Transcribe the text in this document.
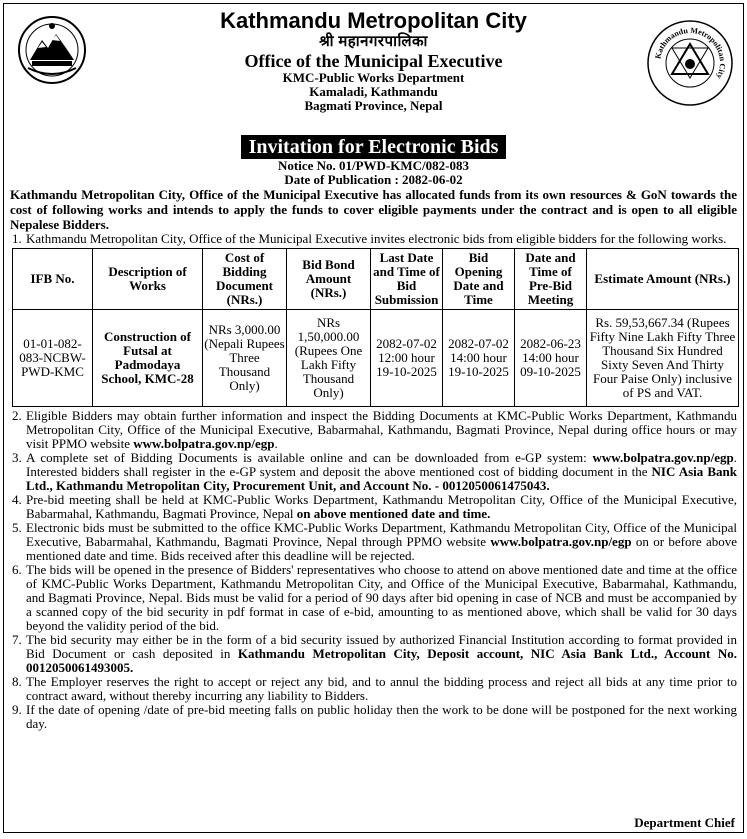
Kathmandu Metropolitan City
श्री महानगरपालिका
Office of the Municipal Executive
KMC-Public Works Department
Kamaladi, Kathmandu
Bagmati Province, Nepal
Kathmandu Metropolitan City
Invitation for Electronic Bids
Notice No. 01/PWD-KMC/082-083
Date of Publication : 2082-06-02
Kathmandu Metropolitan City, Office of the Municipal Executive has allocated funds from its own resources & GoN towards the cost of following works and intends to apply the funds to cover eligible payments under the contract and is open to all eligible Nepalese Bidders.
1. Kathmandu Metropolitan City, Office of the Municipal Executive invites electronic bids from eligible bidders for the following works.
IFB No.	Description of Works	Cost of Bidding Document (NRs.)	Bid Bond Amount (NRs.)	Last Date and Time of Bid Submission	Bid Opening Date and Time	Date and Time of Pre-Bid Meeting	Estimate Amount (NRs.)
01-01-082-083-NCBW-PWD-KMC	Construction of Futsal at Padmodaya School, KMC-28	NRs 3,000.00 (Nepali Rupees Three Thousand Only)	NRs 1,50,000.00 (Rupees One Lakh Fifty Thousand Only)	2082-07-02 12:00 hour 19-10-2025	2082-07-02 14:00 hour 19-10-2025	2082-06-23 14:00 hour 09-10-2025	Rs. 59,53,667.34 (Rupees Fifty Nine Lakh Fifty Three Thousand Six Hundred Sixty Seven And Thirty Four Paise Only) inclusive of PS and VAT.
2. Eligible Bidders may obtain further information and inspect the Bidding Documents at KMC-Public Works Department, Kathmandu Metropolitan City, Office of the Municipal Executive, Babarmahal, Kathmandu, Bagmati Province, Nepal during office hours or may visit PPMO website www.bolpatra.gov.np/egp.
3. A complete set of Bidding Documents is available online and can be downloaded from e-GP system: www.bolpatra.gov.np/egp. Interested bidders shall register in the e-GP system and deposit the above mentioned cost of bidding document in the NIC Asia Bank Ltd., Kathmandu Metropolitan City, Procurement Unit, and Account No. - 0012050061475043.
4. Pre-bid meeting shall be held at KMC-Public Works Department, Kathmandu Metropolitan City, Office of the Municipal Executive, Babarmahal, Kathmandu, Bagmati Province, Nepal on above mentioned date and time.
5. Electronic bids must be submitted to the office KMC-Public Works Department, Kathmandu Metropolitan City, Office of the Municipal Executive, Babarmahal, Kathmandu, Bagmati Province, Nepal through PPMO website www.bolpatra.gov.np/egp on or before above mentioned date and time. Bids received after this deadline will be rejected.
6. The bids will be opened in the presence of Bidders' representatives who choose to attend on above mentioned date and time at the office of KMC-Public Works Department, Kathmandu Metropolitan City, and Office of the Municipal Executive, Babarmahal, Kathmandu, and Bagmati Province, Nepal. Bids must be valid for a period of 90 days after bid opening in case of NCB and must be accompanied by a scanned copy of the bid security in pdf format in case of e-bid, amounting to as mentioned above, which shall be valid for 30 days beyond the validity period of the bid.
7. The bid security may either be in the form of a bid security issued by authorized Financial Institution according to format provided in Bid Document or cash deposited in Kathmandu Metropolitan City, Deposit account, NIC Asia Bank Ltd., Account No. 0012050061493005.
8. The Employer reserves the right to accept or reject any bid, and to annul the bidding process and reject all bids at any time prior to contract award, without thereby incurring any liability to Bidders.
9. If the date of opening /date of pre-bid meeting falls on public holiday then the work to be done will be postponed for the next working day.
Department Chief
